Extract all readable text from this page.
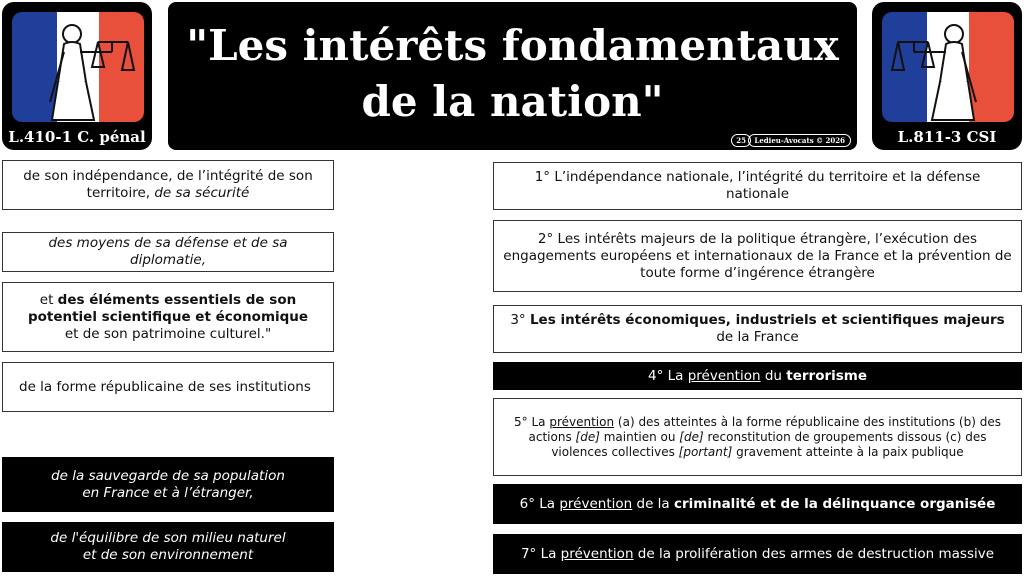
L.410-1 C. pénal
"Les intérêts fondamentaux
de la nation"
25	Ledieu-Avocats © 2026	L.811-3 CSI
de son indépendance, de l’intégrité de son territoire, de sa sécurité
des moyens de sa défense et de sa diplomatie,
et des éléments essentiels de son potentiel scientifique et économique
et de son patrimoine culturel."
de la forme républicaine de ses institutions
de la sauvegarde de sa population
en France et à l’étranger,
de l'équilibre de son milieu naturel
et de son environnement
1° L’indépendance nationale, l’intégrité du territoire et la défense nationale
2° Les intérêts majeurs de la politique étrangère, l’exécution des engagements européens et internationaux de la France et la prévention de toute forme d’ingérence étrangère
3° Les intérêts économiques, industriels et scientifiques majeurs de la France
4° La prévention du terrorisme
5° La prévention (a) des atteintes à la forme républicaine des institutions (b) des actions [de] maintien ou [de] reconstitution de groupements dissous (c) des violences collectives [portant] gravement atteinte à la paix publique
6° La prévention de la criminalité et de la délinquance organisée
7° La prévention de la prolifération des armes de destruction massive
